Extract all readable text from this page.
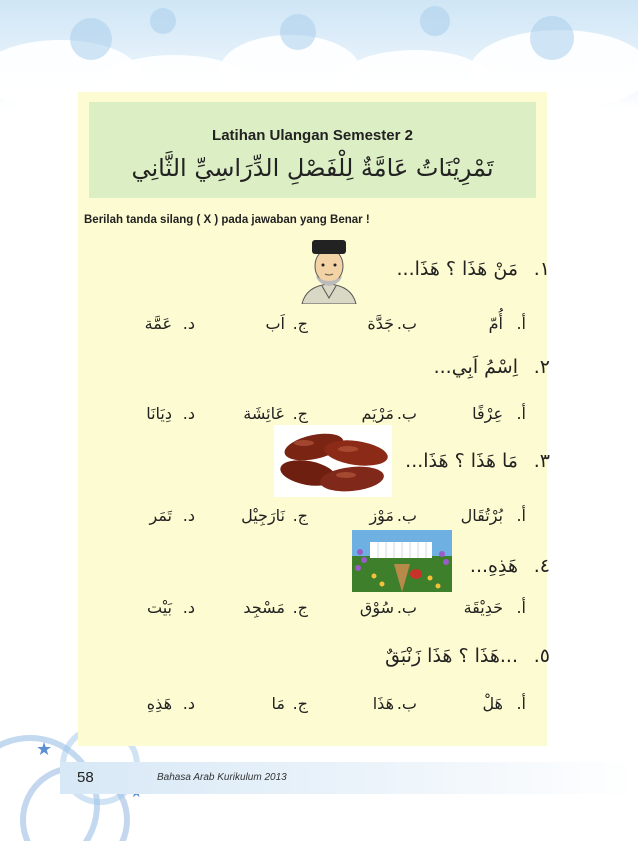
★
58	Bahasa Arab Kurikulum 2013
Latihan Ulangan Semester 2
تَمْرِيْنَاتُ عَامَّةٌ لِلْفَصْلِ الدِّرَاسِيِّ الثَّانِي
Berilah tanda silang ( X ) pada jawaban yang Benar !
١.
مَنْ هَذَا ؟ هَذَا...
أ.
أُمّ
ب.
جَدَّة
ج.
اَب
د.
عَمَّة
٢.
اِسْمُ اَبِي...
أ.
عِرْفًا
ب.
مَرْيَم
ج.
عَائِشَة
د.
دِيَانَا
٣.
مَا هَذَا ؟ هَذَا...
أ.
بُرْتُقَال
ب.
مَوْز
ج.
نَارَجِيْل
د.
تَمَر
٤.
هَذِهِ...
أ.
حَدِيْقَة
ب.
سُوْق
ج.
مَسْجِد
د.
بَيْت
٥.
...هَذَا ؟ هَذَا زَنْبَقٌ
أ.
هَلْ
ب.
هَذَا
ج.
مَا
د.
هَذِهِ
